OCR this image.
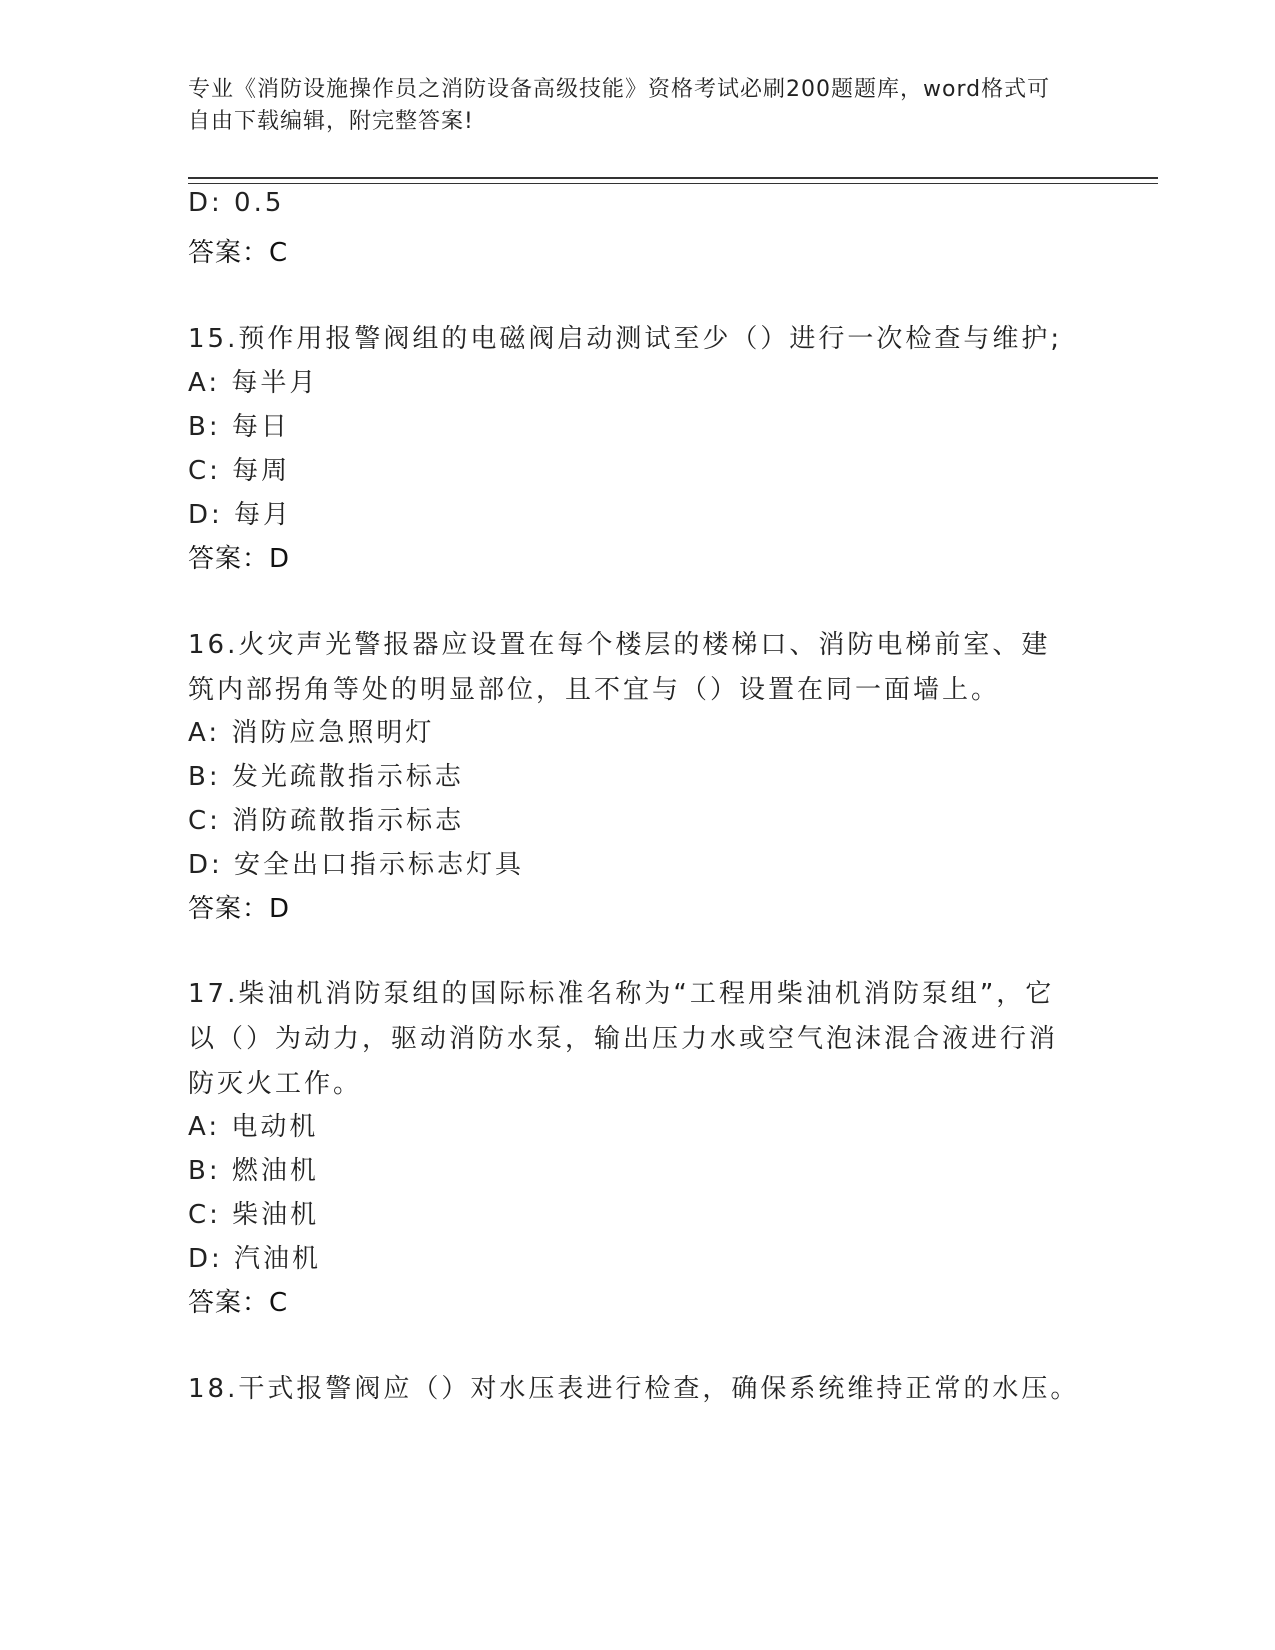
专业《消防设施操作员之消防设备高级技能》资格考试必刷200题题库，word格式可自由下载编辑，附完整答案!
D: 0.5
答案：C
15.预作用报警阀组的电磁阀启动测试至少（）进行一次检查与维护;
A: 每半月
B: 每日
C: 每周
D: 每月
答案：D
16.火灾声光警报器应设置在每个楼层的楼梯口、消防电梯前室、建筑内部拐角等处的明显部位，且不宜与（）设置在同一面墙上。
A: 消防应急照明灯
B: 发光疏散指示标志
C: 消防疏散指示标志
D: 安全出口指示标志灯具
答案：D
17.柴油机消防泵组的国际标准名称为“工程用柴油机消防泵组”，它以（）为动力，驱动消防水泵，输出压力水或空气泡沫混合液进行消防灭火工作。
A: 电动机
B: 燃油机
C: 柴油机
D: 汽油机
答案：C
18.干式报警阀应（）对水压表进行检查，确保系统维持正常的水压。
